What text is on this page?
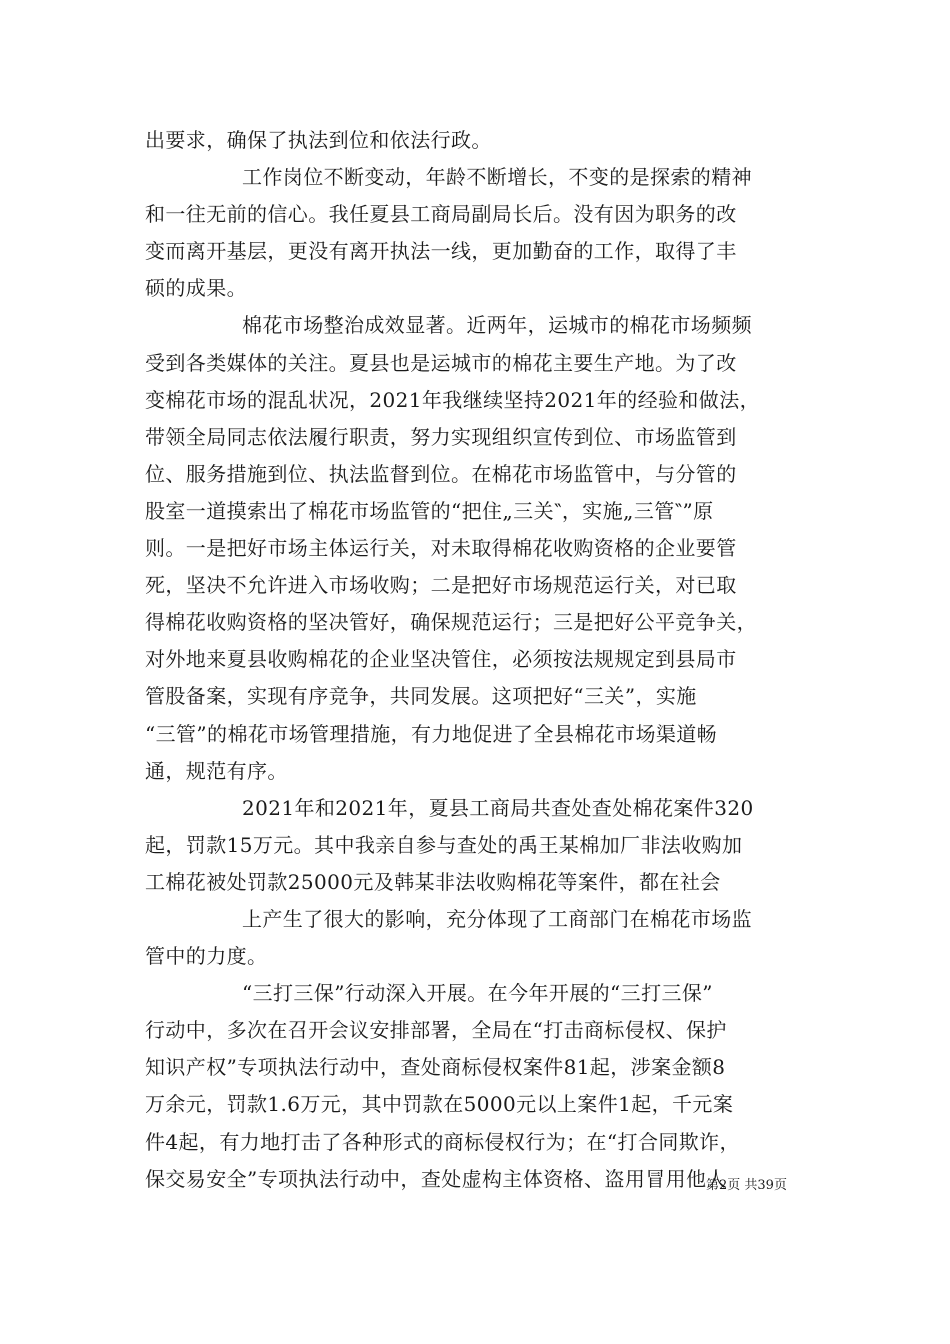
出要求，确保了执法到位和依法行政。
工作岗位不断变动，年龄不断增长，不变的是探索的精神
和一往无前的信心。我任夏县工商局副局长后。没有因为职务的改
变而离开基层，更没有离开执法一线，更加勤奋的工作，取得了丰
硕的成果。
棉花市场整治成效显著。近两年，运城市的棉花市场频频
受到各类媒体的关注。夏县也是运城市的棉花主要生产地。为了改
变棉花市场的混乱状况，2021年我继续坚持2021年的经验和做法，
带领全局同志依法履行职责，努力实现组织宣传到位、市场监管到
位、服务措施到位、执法监督到位。在棉花市场监管中，与分管的
股室一道摸索出了棉花市场监管的“把住„三关‶，实施„三管‶”原
则。一是把好市场主体运行关，对未取得棉花收购资格的企业要管
死，坚决不允许进入市场收购；二是把好市场规范运行关，对已取
得棉花收购资格的坚决管好，确保规范运行；三是把好公平竞争关，
对外地来夏县收购棉花的企业坚决管住，必须按法规规定到县局市
管股备案，实现有序竞争，共同发展。这项把好“三关”，实施
“三管”的棉花市场管理措施，有力地促进了全县棉花市场渠道畅
通，规范有序。
2021年和2021年，夏县工商局共查处查处棉花案件320
起，罚款15万元。其中我亲自参与查处的禹王某棉加厂非法收购加
工棉花被处罚款25000元及韩某非法收购棉花等案件，都在社会
上产生了很大的影响，充分体现了工商部门在棉花市场监
管中的力度。
“三打三保”行动深入开展。在今年开展的“三打三保”
行动中，多次在召开会议安排部署，全局在“打击商标侵权、保护
知识产权”专项执法行动中，查处商标侵权案件81起，涉案金额8
万余元，罚款1.6万元，其中罚款在5000元以上案件1起，千元案
件4起，有力地打击了各种形式的商标侵权行为；在“打合同欺诈，
保交易安全”专项执法行动中，查处虚构主体资格、盗用冒用他人
第2页 共39页
